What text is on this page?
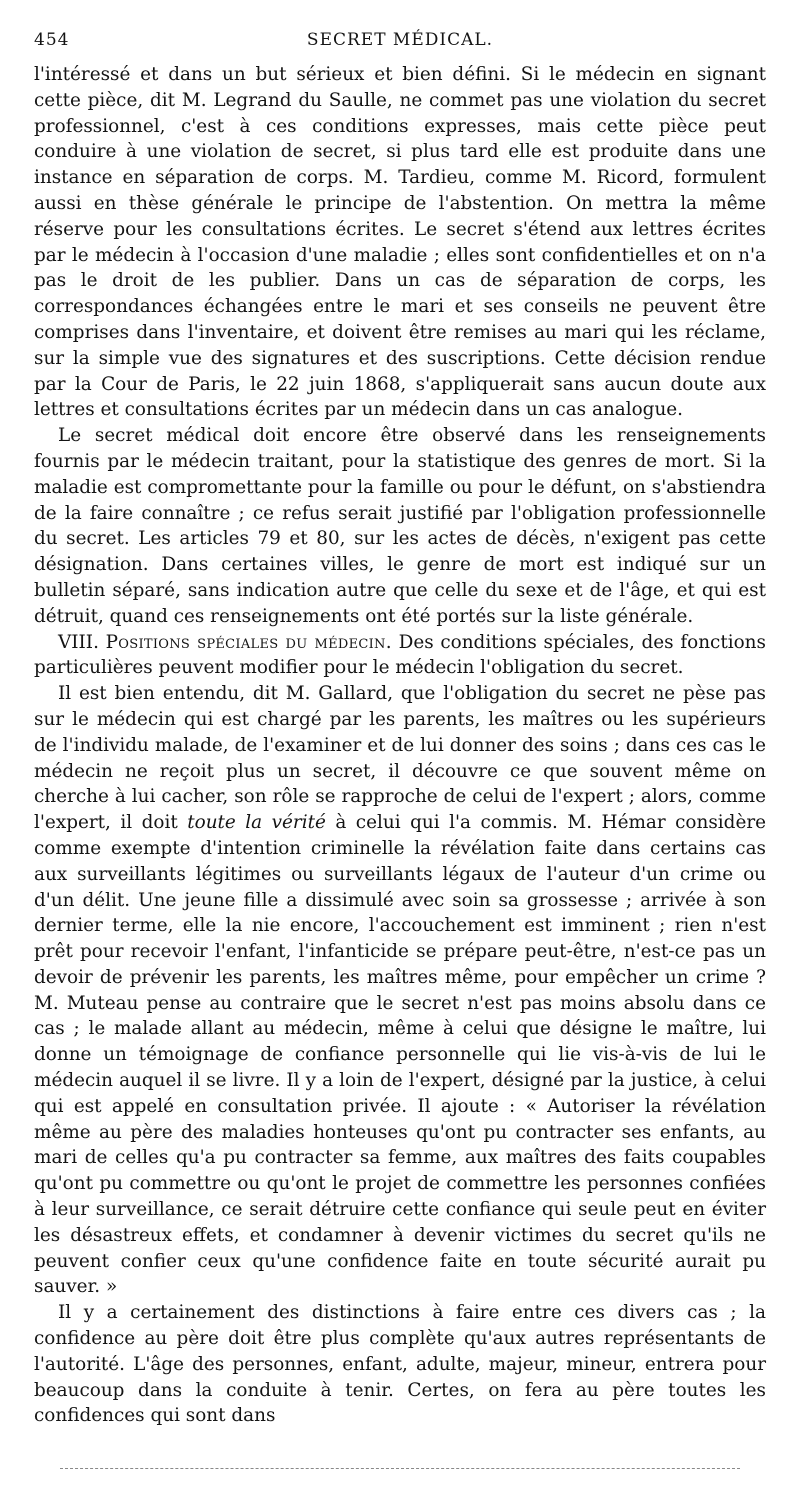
454	SECRET MÉDICAL.

l'intéressé et dans un but sérieux et bien défini. Si le médecin en signant cette pièce, dit M. Legrand du Saulle, ne commet pas une violation du secret professionnel, c'est à ces conditions expresses, mais cette pièce peut conduire à une violation de secret, si plus tard elle est produite dans une instance en séparation de corps. M. Tardieu, comme M. Ricord, formulent aussi en thèse générale le principe de l'abstention. On mettra la même réserve pour les consultations écrites. Le secret s'étend aux lettres écrites par le médecin à l'occasion d'une maladie ; elles sont confidentielles et on n'a pas le droit de les publier. Dans un cas de séparation de corps, les correspondances échangées entre le mari et ses conseils ne peuvent être comprises dans l'inventaire, et doivent être remises au mari qui les réclame, sur la simple vue des signatures et des suscriptions. Cette décision rendue par la Cour de Paris, le 22 juin 1868, s'appliquerait sans aucun doute aux lettres et consultations écrites par un médecin dans un cas analogue.

Le secret médical doit encore être observé dans les renseignements fournis par le médecin traitant, pour la statistique des genres de mort. Si la maladie est compromettante pour la famille ou pour le défunt, on s'abstiendra de la faire connaître ; ce refus serait justifié par l'obligation professionnelle du secret. Les articles 79 et 80, sur les actes de décès, n'exigent pas cette désignation. Dans certaines villes, le genre de mort est indiqué sur un bulletin séparé, sans indication autre que celle du sexe et de l'âge, et qui est détruit, quand ces renseignements ont été portés sur la liste générale.

VIII. Positions spéciales du médecin. Des conditions spéciales, des fonctions particulières peuvent modifier pour le médecin l'obligation du secret.

Il est bien entendu, dit M. Gallard, que l'obligation du secret ne pèse pas sur le médecin qui est chargé par les parents, les maîtres ou les supérieurs de l'individu malade, de l'examiner et de lui donner des soins ; dans ces cas le médecin ne reçoit plus un secret, il découvre ce que souvent même on cherche à lui cacher, son rôle se rapproche de celui de l'expert ; alors, comme l'expert, il doit toute la vérité à celui qui l'a commis. M. Hémar considère comme exempte d'intention criminelle la révélation faite dans certains cas aux surveillants légitimes ou surveillants légaux de l'auteur d'un crime ou d'un délit. Une jeune fille a dissimulé avec soin sa grossesse ; arrivée à son dernier terme, elle la nie encore, l'accouchement est imminent ; rien n'est prêt pour recevoir l'enfant, l'infanticide se prépare peut-être, n'est-ce pas un devoir de prévenir les parents, les maîtres même, pour empêcher un crime ? M. Muteau pense au contraire que le secret n'est pas moins absolu dans ce cas ; le malade allant au médecin, même à celui que désigne le maître, lui donne un témoignage de confiance personnelle qui lie vis-à-vis de lui le médecin auquel il se livre. Il y a loin de l'expert, désigné par la justice, à celui qui est appelé en consultation privée. Il ajoute : « Autoriser la révélation même au père des maladies honteuses qu'ont pu contracter ses enfants, au mari de celles qu'a pu contracter sa femme, aux maîtres des faits coupables qu'ont pu commettre ou qu'ont le projet de commettre les personnes confiées à leur surveillance, ce serait détruire cette confiance qui seule peut en éviter les désastreux effets, et condamner à devenir victimes du secret qu'ils ne peuvent confier ceux qu'une confidence faite en toute sécurité aurait pu sauver. »

Il y a certainement des distinctions à faire entre ces divers cas ; la confidence au père doit être plus complète qu'aux autres représentants de l'autorité. L'âge des personnes, enfant, adulte, majeur, mineur, entrera pour beaucoup dans la conduite à tenir. Certes, on fera au père toutes les confidences qui sont dans
